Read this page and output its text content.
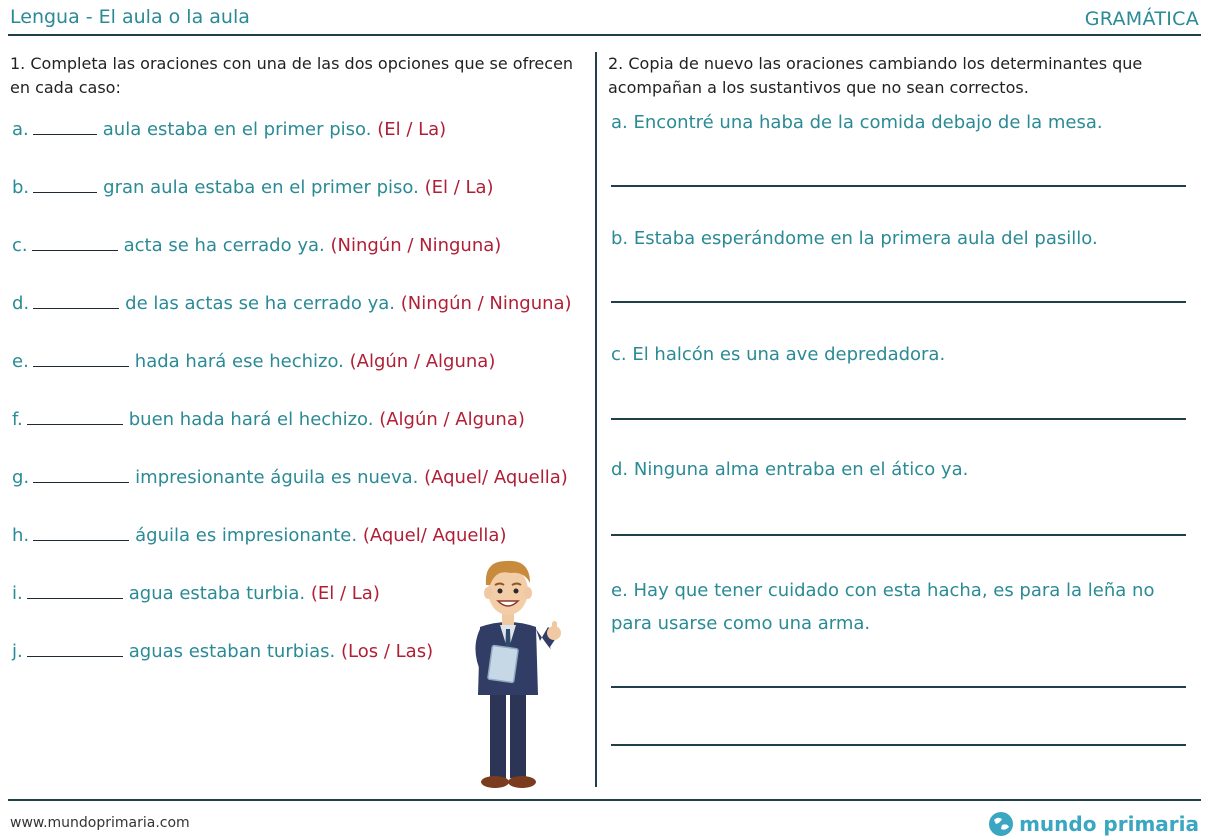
Lengua - El aula o la aula	GRAMÁTICA
1. Completa las oraciones con una de las dos opciones que se ofrecen en cada caso:
2. Copia de nuevo las oraciones cambiando los determinantes que acompañan a los sustantivos que no sean correctos.
a.	aula estaba en el primer piso. (El / La)
b.	gran aula estaba en el primer piso. (El / La)
c.	acta se ha cerrado ya. (Ningún / Ninguna)
d.	de las actas se ha cerrado ya. (Ningún / Ninguna)
e.	hada hará ese hechizo. (Algún / Alguna)
f.	buen hada hará el hechizo. (Algún / Alguna)
g.	impresionante águila es nueva. (Aquel/ Aquella)
h.	águila es impresionante. (Aquel/ Aquella)
i.	agua estaba turbia. (El / La)
j.	aguas estaban turbias. (Los / Las)
a. Encontré una haba de la comida debajo de la mesa.
b. Estaba esperándome en la primera aula del pasillo.
c. El halcón es una ave depredadora.
d. Ninguna alma entraba en el ático ya.
e. Hay que tener cuidado con esta hacha, es para la leña no para usarse como una arma.
www.mundoprimaria.com	mundo primaria
